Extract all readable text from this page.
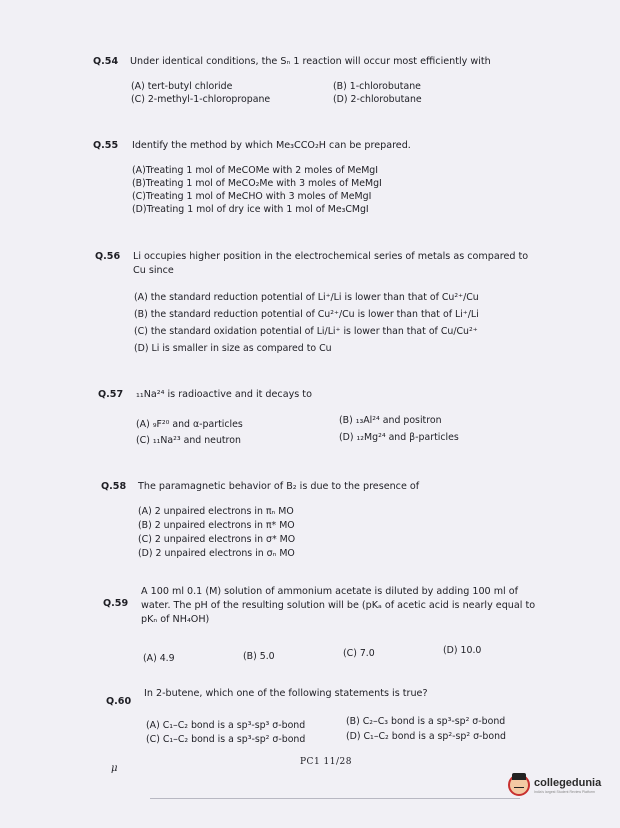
Q.54 Under identical conditions, the Sₙ 1 reaction will occur most efficiently with
(A) tert-butyl chloride	(B) 1-chlorobutane
(C) 2-methyl-1-chloropropane	(D) 2-chlorobutane
Q.55 Identify the method by which Me₃CCO₂H can be prepared.
(A)Treating 1 mol of MeCOMe with 2 moles of MeMgI
(B)Treating 1 mol of MeCO₂Me with 3 moles of MeMgI
(C)Treating 1 mol of MeCHO with 3 moles of MeMgI
(D)Treating 1 mol of dry ice with 1 mol of Me₃CMgI
Q.56 Li occupies higher position in the electrochemical series of metals as compared to
Cu since
(A) the standard reduction potential of Li⁺/Li is lower than that of Cu²⁺/Cu
(B) the standard reduction potential of Cu²⁺/Cu is lower than that of Li⁺/Li
(C) the standard oxidation potential of Li/Li⁺ is lower than that of Cu/Cu²⁺
(D) Li is smaller in size as compared to Cu
Q.57 ₁₁Na²⁴ is radioactive and it decays to
(A) ₉F²⁰ and α-particles	(B) ₁₃Al²⁴ and positron
(C) ₁₁Na²³ and neutron	(D) ₁₂Mg²⁴ and β-particles
Q.58 The paramagnetic behavior of B₂ is due to the presence of
(A) 2 unpaired electrons in πₙ MO
(B) 2 unpaired electrons in π* MO
(C) 2 unpaired electrons in σ* MO
(D) 2 unpaired electrons in σₙ MO
Q.59
A 100 ml 0.1 (M) solution of ammonium acetate is diluted by adding 100 ml of
water. The pH of the resulting solution will be (pKₐ of acetic acid is nearly equal to
pKₙ of NH₄OH)
(A) 4.9	(B) 5.0	(C) 7.0	(D) 10.0
Q.60
In 2-butene, which one of the following statements is true?
(A) C₁–C₂ bond is a sp³-sp³ σ-bond	(B) C₂–C₃ bond is a sp³-sp² σ-bond
(C) C₁–C₂ bond is a sp³-sp² σ-bond	(D) C₁–C₂ bond is a sp²-sp² σ-bond
μ
PC1 11/28
collegedunia
India's largest Student Review Platform
